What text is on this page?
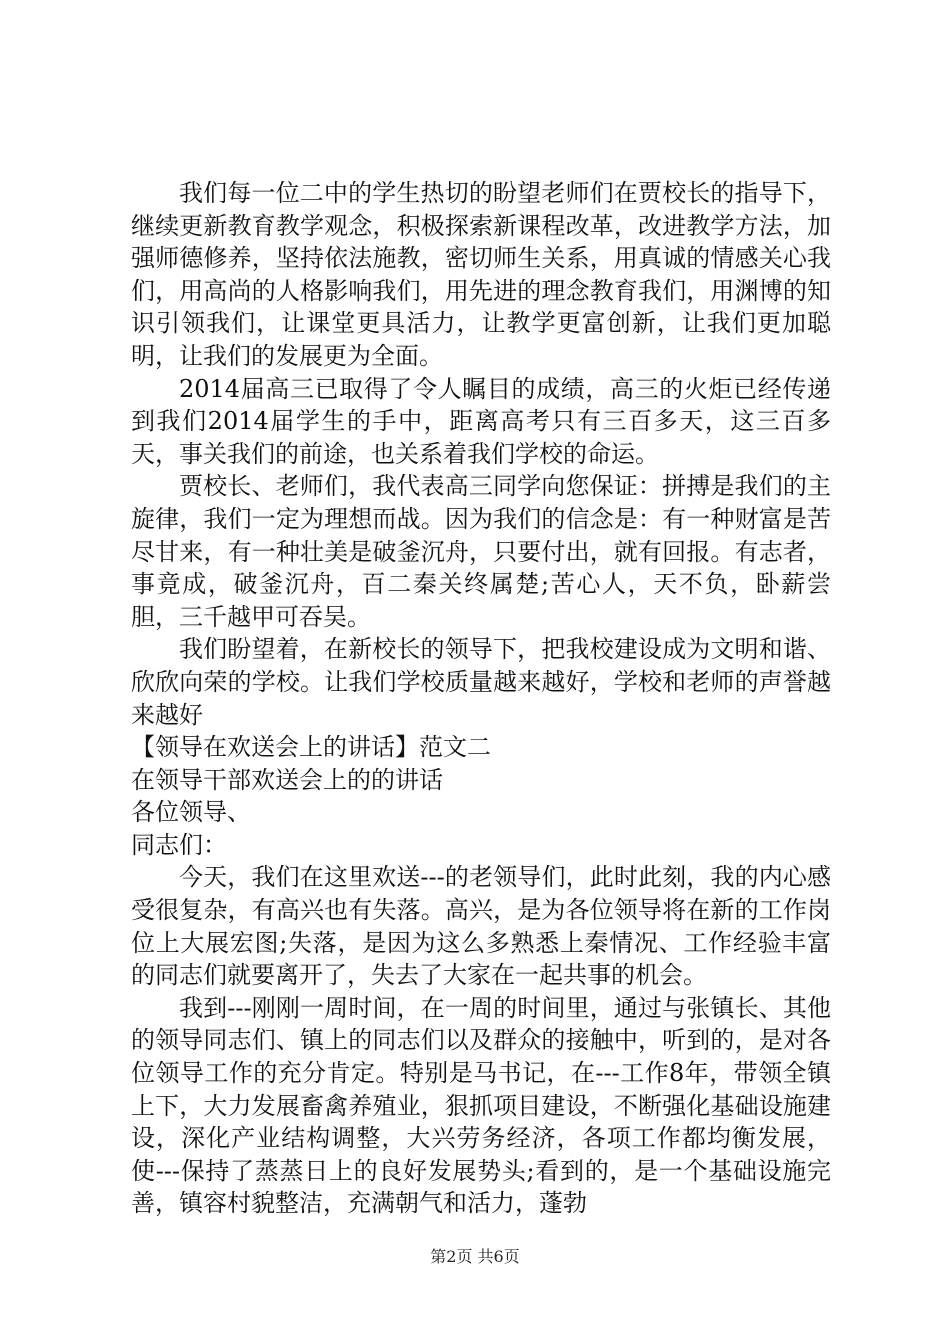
我们每一位二中的学生热切的盼望老师们在贾校长的指导下，继续更新教育教学观念，积极探索新课程改革，改进教学方法，加强师德修养，坚持依法施教，密切师生关系，用真诚的情感关心我们，用高尚的人格影响我们，用先进的理念教育我们，用渊博的知识引领我们，让课堂更具活力，让教学更富创新，让我们更加聪明，让我们的发展更为全面。

2014届高三已取得了令人瞩目的成绩，高三的火炬已经传递到我们2014届学生的手中，距离高考只有三百多天，这三百多天，事关我们的前途，也关系着我们学校的命运。

贾校长、老师们，我代表高三同学向您保证：拼搏是我们的主旋律，我们一定为理想而战。因为我们的信念是：有一种财富是苦尽甘来，有一种壮美是破釜沉舟，只要付出，就有回报。有志者，事竟成，破釜沉舟，百二秦关终属楚;苦心人，天不负，卧薪尝胆，三千越甲可吞吴。

我们盼望着，在新校长的领导下，把我校建设成为文明和谐、欣欣向荣的学校。让我们学校质量越来越好，学校和老师的声誉越来越好

【领导在欢送会上的讲话】范文二

在领导干部欢送会上的的讲话

各位领导、

同志们：

今天，我们在这里欢送---的老领导们，此时此刻，我的内心感受很复杂，有高兴也有失落。高兴，是为各位领导将在新的工作岗位上大展宏图;失落，是因为这么多熟悉上秦情况、工作经验丰富的同志们就要离开了，失去了大家在一起共事的机会。

我到---刚刚一周时间，在一周的时间里，通过与张镇长、其他的领导同志们、镇上的同志们以及群众的接触中，听到的，是对各位领导工作的充分肯定。特别是马书记，在---工作8年，带领全镇上下，大力发展畜禽养殖业，狠抓项目建设，不断强化基础设施建设，深化产业结构调整，大兴劳务经济，各项工作都均衡发展，使---保持了蒸蒸日上的良好发展势头;看到的，是一个基础设施完善，镇容村貌整洁，充满朝气和活力，蓬勃

第2页 共6页
